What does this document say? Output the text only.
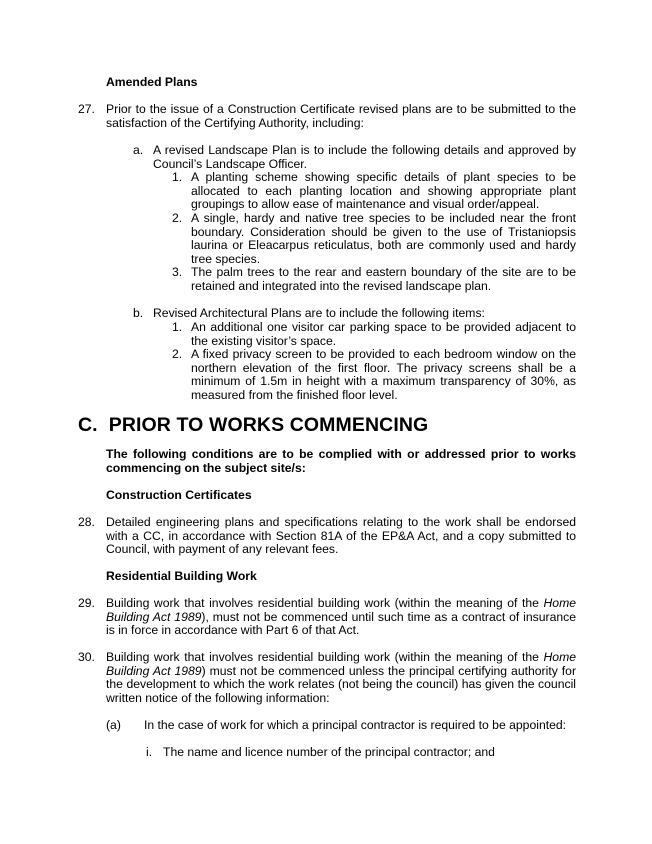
Amended Plans
27. Prior to the issue of a Construction Certificate revised plans are to be submitted to the satisfaction of the Certifying Authority, including:
a. A revised Landscape Plan is to include the following details and approved by Council’s Landscape Officer.
1. A planting scheme showing specific details of plant species to be allocated to each planting location and showing appropriate plant groupings to allow ease of maintenance and visual order/appeal.
2. A single, hardy and native tree species to be included near the front boundary. Consideration should be given to the use of Tristaniopsis laurina or Eleacarpus reticulatus, both are commonly used and hardy tree species.
3. The palm trees to the rear and eastern boundary of the site are to be retained and integrated into the revised landscape plan.
b. Revised Architectural Plans are to include the following items:
1. An additional one visitor car parking space to be provided adjacent to the existing visitor’s space.
2. A fixed privacy screen to be provided to each bedroom window on the northern elevation of the first floor. The privacy screens shall be a minimum of 1.5m in height with a maximum transparency of 30%, as measured from the finished floor level.
C.  PRIOR TO WORKS COMMENCING
The following conditions are to be complied with or addressed prior to works commencing on the subject site/s:
Construction Certificates
28. Detailed engineering plans and specifications relating to the work shall be endorsed with a CC, in accordance with Section 81A of the EP&A Act, and a copy submitted to Council, with payment of any relevant fees.
Residential Building Work
29. Building work that involves residential building work (within the meaning of the Home Building Act 1989), must not be commenced until such time as a contract of insurance is in force in accordance with Part 6 of that Act.
30. Building work that involves residential building work (within the meaning of the Home Building Act 1989) must not be commenced unless the principal certifying authority for the development to which the work relates (not being the council) has given the council written notice of the following information:
(a) In the case of work for which a principal contractor is required to be appointed:
i. The name and licence number of the principal contractor; and
